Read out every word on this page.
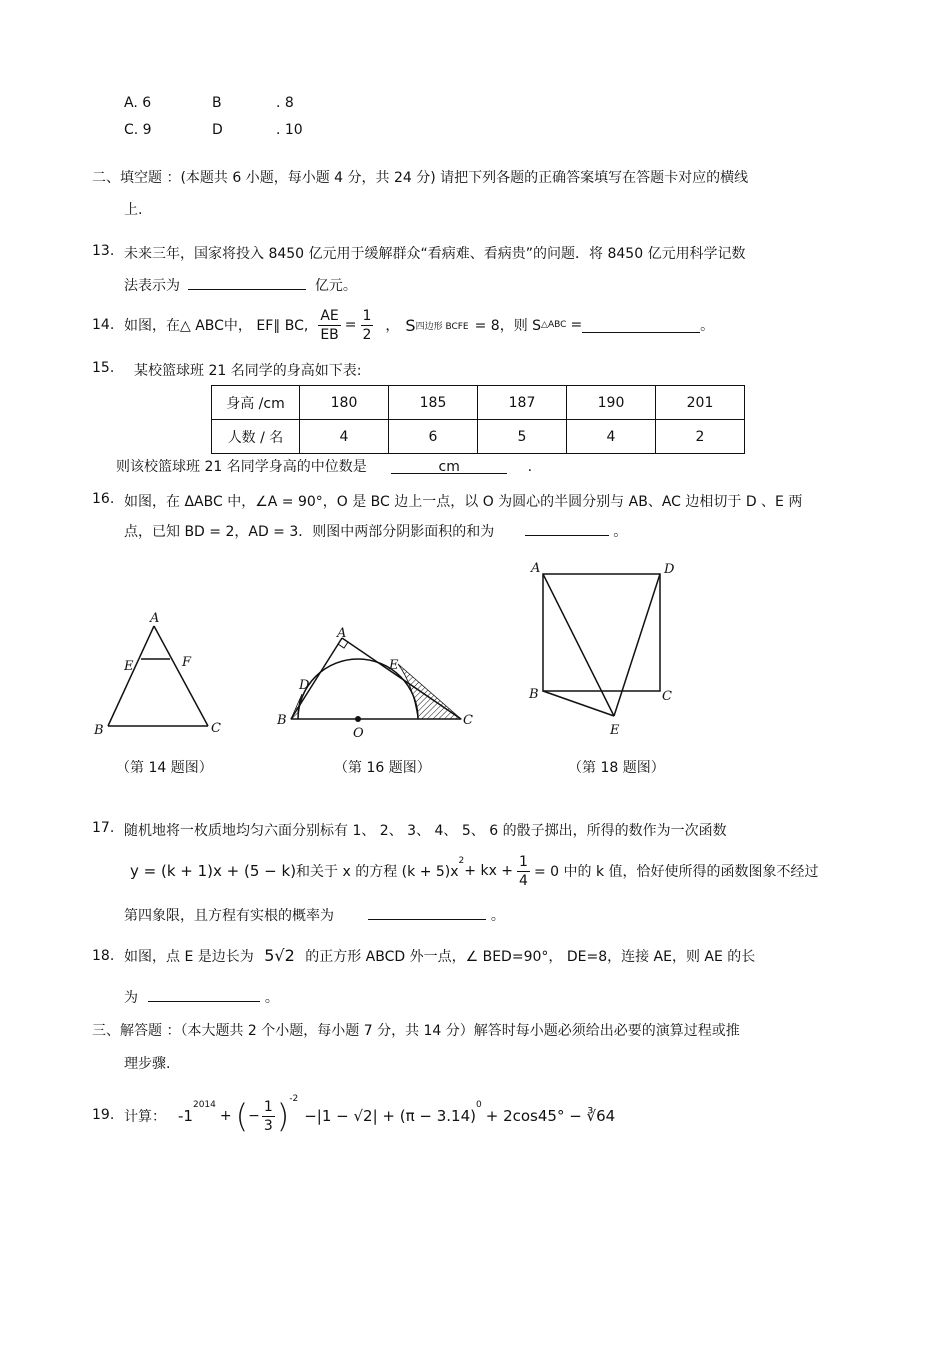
A. 6	B	. 8
C. 9	D	. 10
二、填空题 ：(本题共 6 小题，每小题 4 分，共 24 分) 请把下列各题的正确答案填写在答题卡对应的横线
上.
13. 未来三年，国家将投入 8450 亿元用于缓解群众“看病难、看病贵”的问题．将 8450 亿元用科学记数
法表示为	亿元。
14. 如图，在△ ABC中， EF∥ BC, $\frac{AE}{EB} = \frac{1}{2}$ ， S 四边形 BCFE = 8，则 S △ABC =	。
15. 某校篮球班 21 名同学的身高如下表:
身高 /cm	180	185	187	190	201
人数 / 名	4	6	5	4	2
则该校篮球班 21 名同学身高的中位数是	cm	.
16. 如图，在 ΔABC 中，∠A = 90°，O 是 BC 边上一点，以 O 为圆心的半圆分别与 AB、AC 边相切于 D 、E 两
点，已知 BD = 2，AD = 3．则图中两部分阴影面积的和为	。
A
E	F
B	C
（第 14 题图）
A
D
E
B
O
C
（第 16 题图）
A	D
B	C
E
（第 18 题图）
17. 随机地将一枚质地均匀六面分别标有 1、 2、 3、 4、 5、 6 的骰子掷出，所得的数作为一次函数
y = (k + 1)x + (5 − k) 和关于 x 的方程 (k + 5)x
$^2$
+ kx + $\frac{1}{4} = 0$ 中的 k 值，恰好使所得的函数图象不经过
第四象限，且方程有实根的概率为	。
18. 如图，点 E 是边长为 5√2 的正方形 ABCD 外一点，∠ BED=90°， DE=8，连接 AE，则 AE 的长
为	。
三、解答题 ：（本大题共 2 个小题，每小题 7 分，共 14 分）解答时每小题必须给出必要的演算过程或推
理步骤.
19. 计算： -1
$^{2014}$
+ ( − $\frac{1}{3} )^{-2}$
−|1 − √2| + (π − 3.14)
$^0$
+ 2cos45° − ∛64
